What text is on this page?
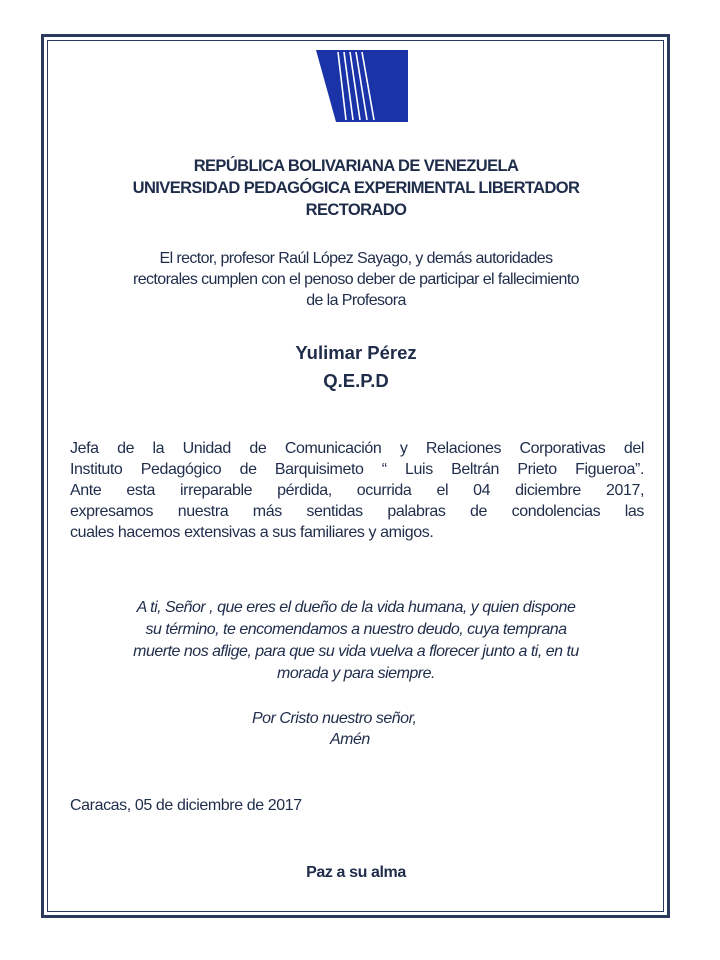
REPÚBLICA BOLIVARIANA DE VENEZUELA
UNIVERSIDAD PEDAGÓGICA EXPERIMENTAL LIBERTADOR
RECTORADO
El rector, profesor Raúl López Sayago, y demás autoridades
rectorales cumplen con el penoso deber de participar el fallecimiento
de la Profesora
Yulimar Pérez
Q.E.P.D
Jefa de la Unidad de Comunicación y Relaciones Corporativas del
Instituto Pedagógico de Barquisimeto “ Luis Beltrán Prieto Figueroa”.
Ante esta irreparable pérdida, ocurrida el 04 diciembre 2017,
expresamos nuestra más sentidas palabras de condolencias las
cuales hacemos extensivas a sus familiares y amigos.
A ti, Señor , que eres el dueño de la vida humana, y quien dispone
su término, te encomendamos a nuestro deudo, cuya temprana
muerte nos aflige, para que su vida vuelva a florecer junto a ti, en tu
morada y para siempre.
Por Cristo nuestro señor,
Amén
Caracas, 05 de diciembre de 2017
Paz a su alma
